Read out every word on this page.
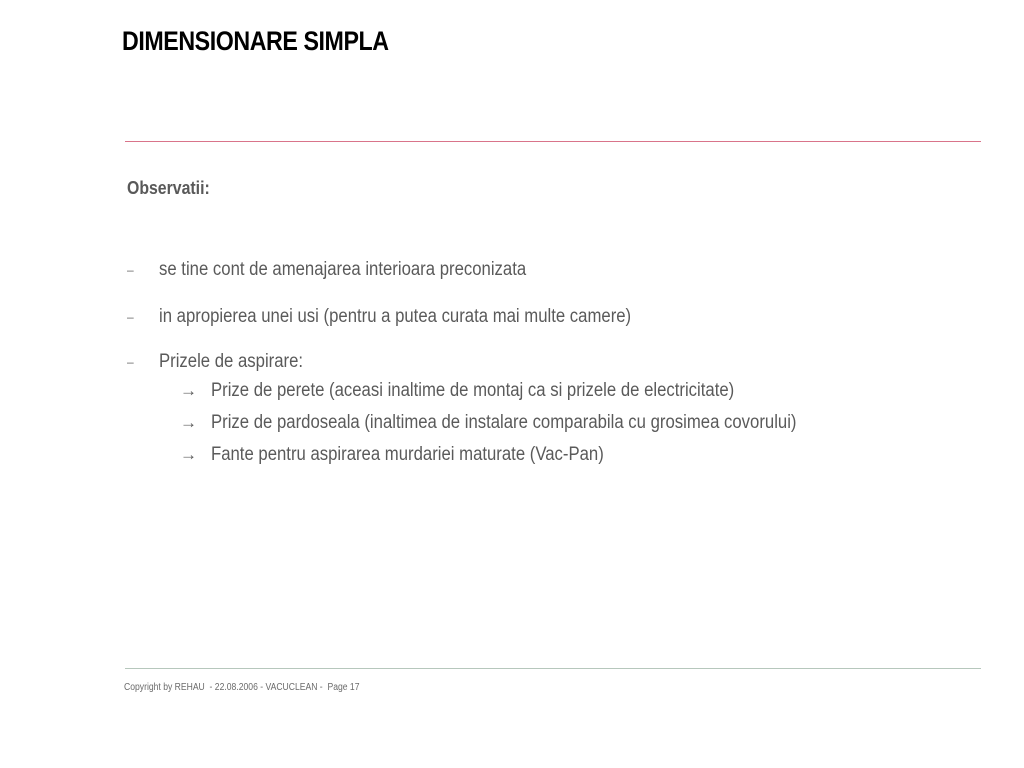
DIMENSIONARE SIMPLA
Observatii:
– se tine cont de amenajarea interioara preconizata
– in apropierea unei usi (pentru a putea curata mai multe camere)
– Prizele de aspirare:
→ Prize de perete (aceasi inaltime de montaj ca si prizele de electricitate)
→ Prize de pardoseala (inaltimea de instalare comparabila cu grosimea covorului)
→ Fante pentru aspirarea murdariei maturate (Vac-Pan)
Copyright by REHAU  - 22.08.2006 - VACUCLEAN -  Page 17
